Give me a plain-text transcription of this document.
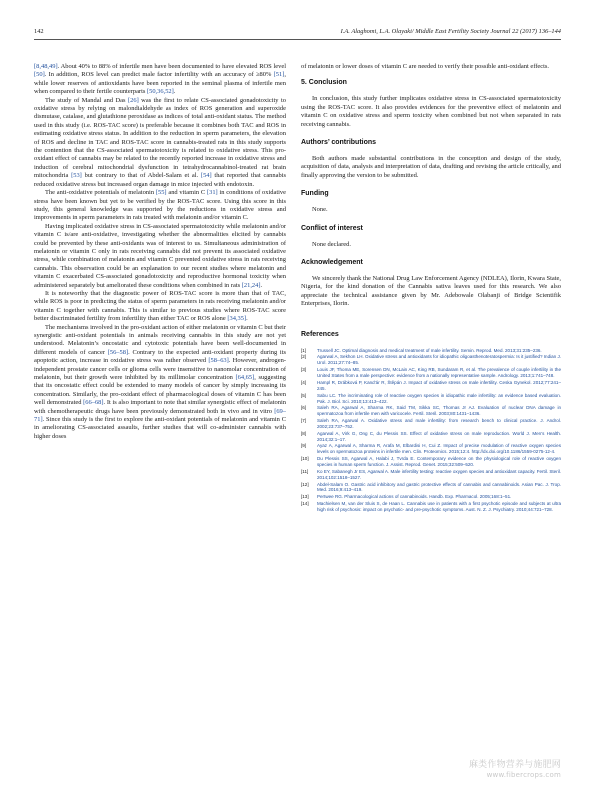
142	I.A. Alaghomi, L.A. Olayaki/ Middle East Fertility Society Journal 22 (2017) 136–144

[8,48,49]. About 40% to 88% of infertile men have been documented to have elevated ROS level [50]. In addition, ROS level can predict male factor infertility with an accuracy of ≥80% [51], while lower reserves of antioxidants have been reported in the seminal plasma of infertile men when compared to their fertile counterparts [50,36,52].

The study of Mandal and Das [26] was the first to relate CS-associated gonadotoxicity to oxidative stress by relying on malondialdehyde as index of ROS generation and superoxide dismutase, catalase, and glutathione peroxidase as indices of total anti-oxidant status. The method used in this study (i.e. ROS-TAC score) is preferable because it combines both TAC and ROS in estimating oxidative stress status. In addition to the reduction in sperm parameters, the elevation of ROS and decline in TAC and ROS-TAC score in cannabis-treated rats in this study supports the contention that the CS-associated spermatotoxicity is related to oxidative stress. This pro-oxidant effect of cannabis may be related to the recently reported increase in oxidative stress and induction of cerebral mitochondrial dysfunction in tetrahydrocannabinol-treated rat brain mitochondria [53] but contrary to that of Abdel-Salam et al. [54] that reported that cannabis reduced oxidative stress but increased organ damage in mice injected with endotoxin.

The anti-oxidative potentials of melatonin [55] and vitamin C [31] in conditions of oxidative stress have been known but yet to be verified by the ROS-TAC score. Using this score in this study, this general knowledge was supported by the reductions in oxidative stress and improvements in sperm parameters in rats treated with melatonin and/or vitamin C.

Having implicated oxidative stress in CS-associated spermatotoxicity while melatonin and/or vitamin C is/are anti-oxidative, investigating whether the abnormalities elicited by cannabis could be prevented by these anti-oxidants was of interest to us. Simultaneous administration of melatonin or vitamin C only in rats receiving cannabis did not prevent its associated oxidative stress, while combination of melatonin and vitamin C prevented oxidative stress in rats receiving cannabis. This observation could be an explanation to our recent studies where melatonin and vitamin C exacerbated CS-associated gonadotoxicity and reproductive hormonal toxicity when administered separately but ameliorated these conditions when combined in rats [21,24].

It is noteworthy that the diagnostic power of ROS-TAC score is more than that of TAC, while ROS is poor in predicting the status of sperm parameters in rats receiving melatonin and/or vitamin C together with cannabis. This is similar to previous studies where ROS-TAC score better discriminated fertility from infertility than either TAC or ROS alone [34,35].

The mechanisms involved in the pro-oxidant action of either melatonin or vitamin C but their synergistic anti-oxidant potentials in animals receiving cannabis in this study are not yet understood. Melatonin’s oncostatic and cytotoxic potentials have been well-documented in different models of cancer [56–58]. Contrary to the expected anti-oxidant property during its apoptotic action, increase in oxidative stress was rather observed [58–63]. However, androgen-independent prostate cancer cells or glioma cells were insensitive to nanomolar concentration of melatonin, but their growth were inhibited by its millimolar concentration [64,65], suggesting that its oncostatic effect could be extended to many models of cancer by simply increasing its concentration. Similarly, the pro-oxidant effect of pharmacological doses of vitamin C has been well demonstrated [66–68]. It is also important to note that similar synergistic effect of melatonin with chemotherapeutic drugs have been previously demonstrated both in vivo and in vitro [69–71]. Since this study is the first to explore the anti-oxidant potentials of melatonin and vitamin C in ameliorating CS-associated assaults, further studies that will co-administer cannabis with higher doses

of melatonin or lower doses of vitamin C are needed to verify their possible anti-oxidant effects.

5. Conclusion

In conclusion, this study further implicates oxidative stress in CS-associated spermatotoxicity using the ROS-TAC score. It also provides evidences for the preventive effect of melatonin and vitamin C on oxidative stress and sperm toxicity when combined but not when separated in rats receiving cannabis.

Authors’ contributions

Both authors made substantial contributions in the conception and design of the study, acquisition of data, analysis and interpretation of data, drafting and revising the article critically, and finally approving the version to be submitted.

Funding

None.

Conflict of interest

None declared.

Acknowledgement

We sincerely thank the National Drug Law Enforcement Agency (NDLEA), Ilorin, Kwara State, Nigeria, for the kind donation of the Cannabis sativa leaves used for this research. We also appreciate the technical assistance given by Mr. Adebowale Olabanji of Bridge Scientifik Enterprises, Ilorin.

References
[1] Trussell JC. Optimal diagnosis and medical treatment of male infertility. Semin. Reprod. Med. 2013;31:235–236.
[2] Agarwal A, Sekhon LH. Oxidative stress and antioxidants for idiopathic oligoasthenoteratospermia: Is it justified? Indian J. Urol. 2011;27:74–85.
[3] Louis JF, Thoma ME, Sorensen DN, McLain AC, King RB, Sundaram R, et al. The prevalence of couple infertility in the United States from a male perspective: evidence from a nationally representative sample. Andrology. 2013;1:741–748.
[4] Hampl R, Drábková P, Kand’ár R, Štěpán J. Impact of oxidative stress on male infertility. Ceska Gynekol. 2012;77:241–245.
[5] Sabu LC. The incriminating role of reactive oxygen species in idiopathic male infertility: an evidence based evaluation. Pak. J. Biol. Sci. 2010;13:413–422.
[6] Saleh RA, Agarwal A, Sharma RK, Said TM, Sikka SC, Thomas Jr AJ. Evaluation of nuclear DNA damage in spermatozoa from infertile men with varicocele. Fertil. Steril. 2003;80:1431–1436.
[7] Saleh RA, Agarwal A. Oxidative stress and male infertility: from research bench to clinical practice. J. Androl. 2002;23:737–752.
[8] Agarwal A, Virk G, Ong C, du Plessis SS. Effect of oxidative stress on male reproduction. World J. Men’s Health. 2014;32:1–17.
[9] Ayaz A, Agarwal A, Sharma R, Arafa M, Elbardisi H, Cui Z. Impact of precise modulation of reactive oxygen species levels on spermatozoa proteins in infertile men. Clin. Proteomics. 2015;12:4. http://dx.doi.org/10.1186/1559-0275-12-4.
[10] Du Plessis SS, Agarwal A, Halabi J, Tvrda E. Contemporary evidence on the physiological role of reactive oxygen species in human sperm function. J. Assist. Reprod. Genet. 2015;32:509–520.
[11] Ko EY, Sabanegh Jr ES, Agarwal A. Male infertility testing: reactive oxygen species and antioxidant capacity. Fertil. Steril. 2014;102:1518–1527.
[12] Abdel-Salam O. Gastric acid inhibitory and gastric protective effects of cannabis and cannabinoids. Asian Pac. J. Trop. Med. 2016;9:413–419.
[13] Pertwee RG. Pharmacological actions of cannabinoids. Handb. Exp. Pharmacol. 2005;168:1–51.
[14] Machielsen M, van der Sluis S, de Haan L. Cannabis use in patients with a first psychotic episode and subjects at ultra high risk of psychosis: impact on psychotic- and pre-psychotic symptoms. Aust. N. Z. J. Psychiatry. 2010;44:721–728.
麻类作物营养与施肥网
www.fibercrops.com
